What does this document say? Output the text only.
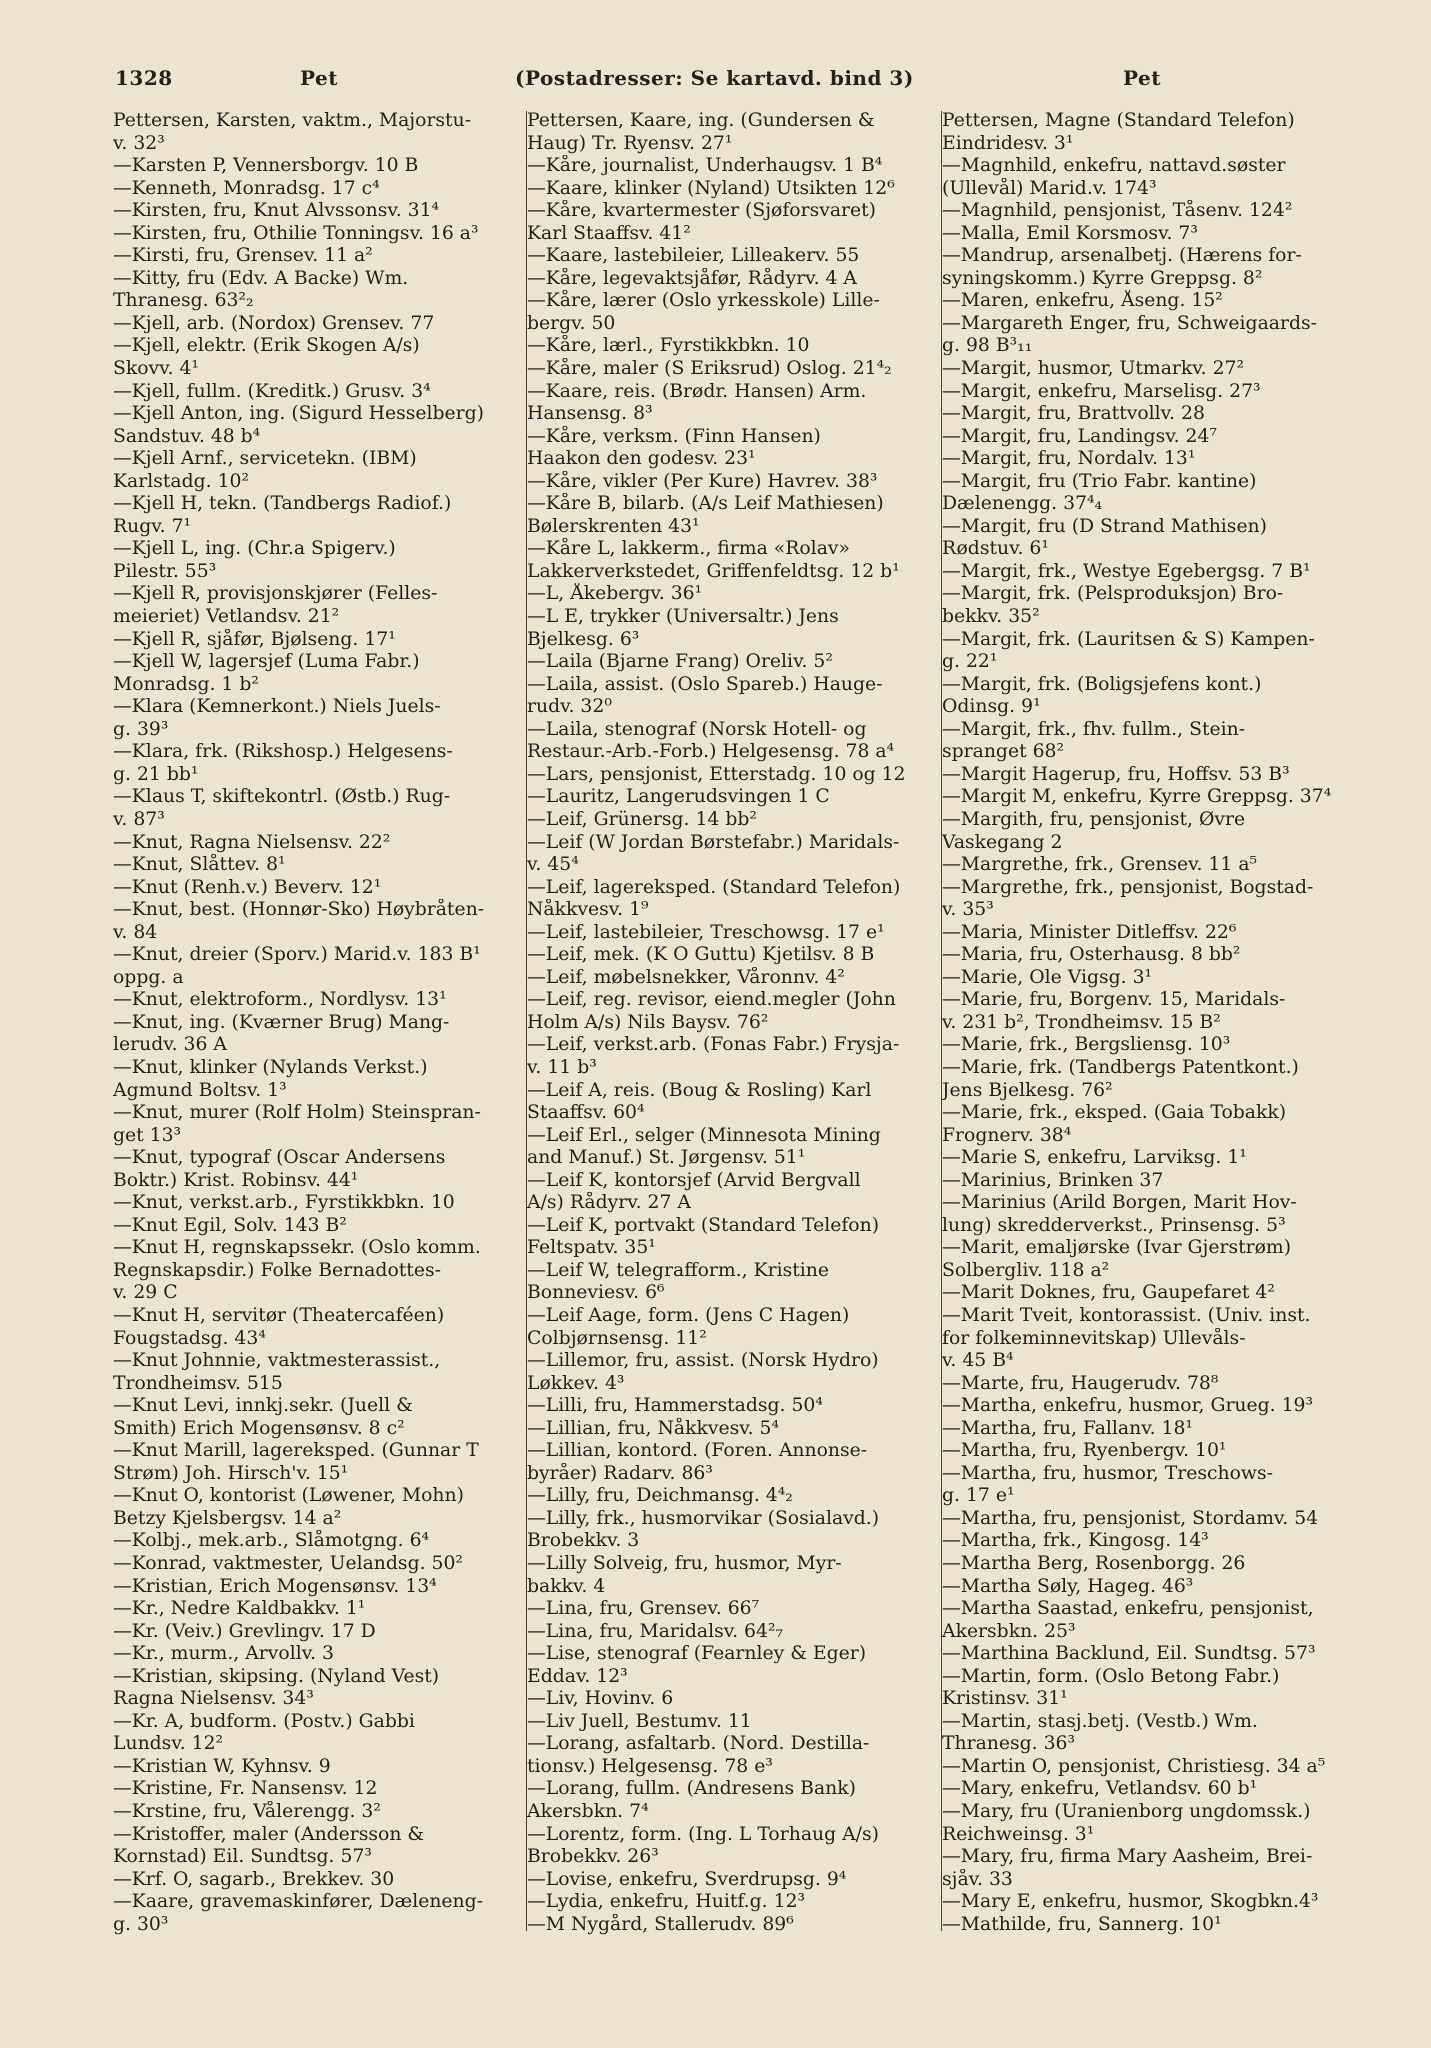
1328	Pet	(Postadresser: Se kartavd. bind 3)	Pet
Pettersen, Karsten, vaktm., Majorstu-
v. 32³
—Karsten P, Vennersborgv. 10 B
—Kenneth, Monradsg. 17 c⁴
—Kirsten, fru, Knut Alvssonsv. 31⁴
—Kirsten, fru, Othilie Tonningsv. 16 a³
—Kirsti, fru, Grensev. 11 a²
—Kitty, fru (Edv. A Backe) Wm.
Thranesg. 63²₂
—Kjell, arb. (Nordox) Grensev. 77
—Kjell, elektr. (Erik Skogen A/s)
Skovv. 4¹
—Kjell, fullm. (Kreditk.) Grusv. 3⁴
—Kjell Anton, ing. (Sigurd Hesselberg)
Sandstuv. 48 b⁴
—Kjell Arnf., servicetekn. (IBM)
Karlstadg. 10²
—Kjell H, tekn. (Tandbergs Radiof.)
Rugv. 7¹
—Kjell L, ing. (Chr.a Spigerv.)
Pilestr. 55³
—Kjell R, provisjonskjører (Felles-
meieriet) Vetlandsv. 21²
—Kjell R, sjåfør, Bjølseng. 17¹
—Kjell W, lagersjef (Luma Fabr.)
Monradsg. 1 b²
—Klara (Kemnerkont.) Niels Juels-
g. 39³
—Klara, frk. (Rikshosp.) Helgesens-
g. 21 bb¹
—Klaus T, skiftekontrl. (Østb.) Rug-
v. 87³
—Knut, Ragna Nielsensv. 22²
—Knut, Slåttev. 8¹
—Knut (Renh.v.) Beverv. 12¹
—Knut, best. (Honnør-Sko) Høybråten-
v. 84
—Knut, dreier (Sporv.) Marid.v. 183 B¹
oppg. a
—Knut, elektroform., Nordlysv. 13¹
—Knut, ing. (Kværner Brug) Mang-
lerudv. 36 A
—Knut, klinker (Nylands Verkst.)
Agmund Boltsv. 1³
—Knut, murer (Rolf Holm) Steinspran-
get 13³
—Knut, typograf (Oscar Andersens
Boktr.) Krist. Robinsv. 44¹
—Knut, verkst.arb., Fyrstikkbkn. 10
—Knut Egil, Solv. 143 B²
—Knut H, regnskapssekr. (Oslo komm.
Regnskapsdir.) Folke Bernadottes-
v. 29 C
—Knut H, servitør (Theatercaféen)
Fougstadsg. 43⁴
—Knut Johnnie, vaktmesterassist.,
Trondheimsv. 515
—Knut Levi, innkj.sekr. (Juell &
Smith) Erich Mogensønsv. 8 c²
—Knut Marill, lagereksped. (Gunnar T
Strøm) Joh. Hirsch'v. 15¹
—Knut O, kontorist (Løwener, Mohn)
Betzy Kjelsbergsv. 14 a²
—Kolbj., mek.arb., Slåmotgng. 6⁴
—Konrad, vaktmester, Uelandsg. 50²
—Kristian, Erich Mogensønsv. 13⁴
—Kr., Nedre Kaldbakkv. 1¹
—Kr. (Veiv.) Grevlingv. 17 D
—Kr., murm., Arvollv. 3
—Kristian, skipsing. (Nyland Vest)
Ragna Nielsensv. 34³
—Kr. A, budform. (Postv.) Gabbi
Lundsv. 12²
—Kristian W, Kyhnsv. 9
—Kristine, Fr. Nansensv. 12
—Krstine, fru, Vålerengg. 3²
—Kristoffer, maler (Andersson &
Kornstad) Eil. Sundtsg. 57³
—Krf. O, sagarb., Brekkev. 30
—Kaare, gravemaskinfører, Dæleneng-
g. 30³
Pettersen, Kaare, ing. (Gundersen &
Haug) Tr. Ryensv. 27¹
—Kåre, journalist, Underhaugsv. 1 B⁴
—Kaare, klinker (Nyland) Utsikten 12⁶
—Kåre, kvartermester (Sjøforsvaret)
Karl Staaffsv. 41²
—Kaare, lastebileier, Lilleakerv. 55
—Kåre, legevaktsjåfør, Rådyrv. 4 A
—Kåre, lærer (Oslo yrkesskole) Lille-
bergv. 50
—Kåre, lærl., Fyrstikkbkn. 10
—Kåre, maler (S Eriksrud) Oslog. 21⁴₂
—Kaare, reis. (Brødr. Hansen) Arm.
Hansensg. 8³
—Kåre, verksm. (Finn Hansen)
Haakon den godesv. 23¹
—Kåre, vikler (Per Kure) Havrev. 38³
—Kåre B, bilarb. (A/s Leif Mathiesen)
Bølerskrenten 43¹
—Kåre L, lakkerm., firma «Rolav»
Lakkerverkstedet, Griffenfeldtsg. 12 b¹
—L, Åkebergv. 36¹
—L E, trykker (Universaltr.) Jens
Bjelkesg. 6³
—Laila (Bjarne Frang) Oreliv. 5²
—Laila, assist. (Oslo Spareb.) Hauge-
rudv. 32⁰
—Laila, stenograf (Norsk Hotell- og
Restaur.-Arb.-Forb.) Helgesensg. 78 a⁴
—Lars, pensjonist, Etterstadg. 10 og 12
—Lauritz, Langerudsvingen 1 C
—Leif, Grünersg. 14 bb²
—Leif (W Jordan Børstefabr.) Maridals-
v. 45⁴
—Leif, lagereksped. (Standard Telefon)
Nåkkvesv. 1⁹
—Leif, lastebileier, Treschowsg. 17 e¹
—Leif, mek. (K O Guttu) Kjetilsv. 8 B
—Leif, møbelsnekker, Våronnv. 4²
—Leif, reg. revisor, eiend.megler (John
Holm A/s) Nils Baysv. 76²
—Leif, verkst.arb. (Fonas Fabr.) Frysja-
v. 11 b³
—Leif A, reis. (Boug & Rosling) Karl
Staaffsv. 60⁴
—Leif Erl., selger (Minnesota Mining
and Manuf.) St. Jørgensv. 51¹
—Leif K, kontorsjef (Arvid Bergvall
A/s) Rådyrv. 27 A
—Leif K, portvakt (Standard Telefon)
Feltspatv. 35¹
—Leif W, telegrafform., Kristine
Bonneviesv. 6⁶
—Leif Aage, form. (Jens C Hagen)
Colbjørnsensg. 11²
—Lillemor, fru, assist. (Norsk Hydro)
Løkkev. 4³
—Lilli, fru, Hammerstadsg. 50⁴
—Lillian, fru, Nåkkvesv. 5⁴
—Lillian, kontord. (Foren. Annonse-
byråer) Radarv. 86³
—Lilly, fru, Deichmansg. 4⁴₂
—Lilly, frk., husmorvikar (Sosialavd.)
Brobekkv. 3
—Lilly Solveig, fru, husmor, Myr-
bakkv. 4
—Lina, fru, Grensev. 66⁷
—Lina, fru, Maridalsv. 64²₇
—Lise, stenograf (Fearnley & Eger)
Eddav. 12³
—Liv, Hovinv. 6
—Liv Juell, Bestumv. 11
—Lorang, asfaltarb. (Nord. Destilla-
tionsv.) Helgesensg. 78 e³
—Lorang, fullm. (Andresens Bank)
Akersbkn. 7⁴
—Lorentz, form. (Ing. L Torhaug A/s)
Brobekkv. 26³
—Lovise, enkefru, Sverdrupsg. 9⁴
—Lydia, enkefru, Huitf.g. 12³
—M Nygård, Stallerudv. 89⁶
Pettersen, Magne (Standard Telefon)
Eindridesv. 3¹
—Magnhild, enkefru, nattavd.søster
(Ullevål) Marid.v. 174³
—Magnhild, pensjonist, Tåsenv. 124²
—Malla, Emil Korsmosv. 7³
—Mandrup, arsenalbetj. (Hærens for-
syningskomm.) Kyrre Greppsg. 8²
—Maren, enkefru, Åseng. 15²
—Margareth Enger, fru, Schweigaards-
g. 98 B³₁₁
—Margit, husmor, Utmarkv. 27²
—Margit, enkefru, Marselisg. 27³
—Margit, fru, Brattvollv. 28
—Margit, fru, Landingsv. 24⁷
—Margit, fru, Nordalv. 13¹
—Margit, fru (Trio Fabr. kantine)
Dælenengg. 37⁴₄
—Margit, fru (D Strand Mathisen)
Rødstuv. 6¹
—Margit, frk., Westye Egebergsg. 7 B¹
—Margit, frk. (Pelsproduksjon) Bro-
bekkv. 35²
—Margit, frk. (Lauritsen & S) Kampen-
g. 22¹
—Margit, frk. (Boligsjefens kont.)
Odinsg. 9¹
—Margit, frk., fhv. fullm., Stein-
spranget 68²
—Margit Hagerup, fru, Hoffsv. 53 B³
—Margit M, enkefru, Kyrre Greppsg. 37⁴
—Margith, fru, pensjonist, Øvre
Vaskegang 2
—Margrethe, frk., Grensev. 11 a⁵
—Margrethe, frk., pensjonist, Bogstad-
v. 35³
—Maria, Minister Ditleffsv. 22⁶
—Maria, fru, Osterhausg. 8 bb²
—Marie, Ole Vigsg. 3¹
—Marie, fru, Borgenv. 15, Maridals-
v. 231 b², Trondheimsv. 15 B²
—Marie, frk., Bergsliensg. 10³
—Marie, frk. (Tandbergs Patentkont.)
Jens Bjelkesg. 76²
—Marie, frk., eksped. (Gaia Tobakk)
Frognerv. 38⁴
—Marie S, enkefru, Larviksg. 1¹
—Marinius, Brinken 37
—Marinius (Arild Borgen, Marit Hov-
lung) skredderverkst., Prinsensg. 5³
—Marit, emaljørske (Ivar Gjerstrøm)
Solbergliv. 118 a²
—Marit Doknes, fru, Gaupefaret 4²
—Marit Tveit, kontorassist. (Univ. inst.
for folkeminnevitskap) Ullevåls-
v. 45 B⁴
—Marte, fru, Haugerudv. 78⁸
—Martha, enkefru, husmor, Grueg. 19³
—Martha, fru, Fallanv. 18¹
—Martha, fru, Ryenbergv. 10¹
—Martha, fru, husmor, Treschows-
g. 17 e¹
—Martha, fru, pensjonist, Stordamv. 54
—Martha, frk., Kingosg. 14³
—Martha Berg, Rosenborgg. 26
—Martha Søly, Hageg. 46³
—Martha Saastad, enkefru, pensjonist,
Akersbkn. 25³
—Marthina Backlund, Eil. Sundtsg. 57³
—Martin, form. (Oslo Betong Fabr.)
Kristinsv. 31¹
—Martin, stasj.betj. (Vestb.) Wm.
Thranesg. 36³
—Martin O, pensjonist, Christiesg. 34 a⁵
—Mary, enkefru, Vetlandsv. 60 b¹
—Mary, fru (Uranienborg ungdomssk.)
Reichweinsg. 3¹
—Mary, fru, firma Mary Aasheim, Brei-
sjåv. 33
—Mary E, enkefru, husmor, Skogbkn.4³
—Mathilde, fru, Sannerg. 10¹
